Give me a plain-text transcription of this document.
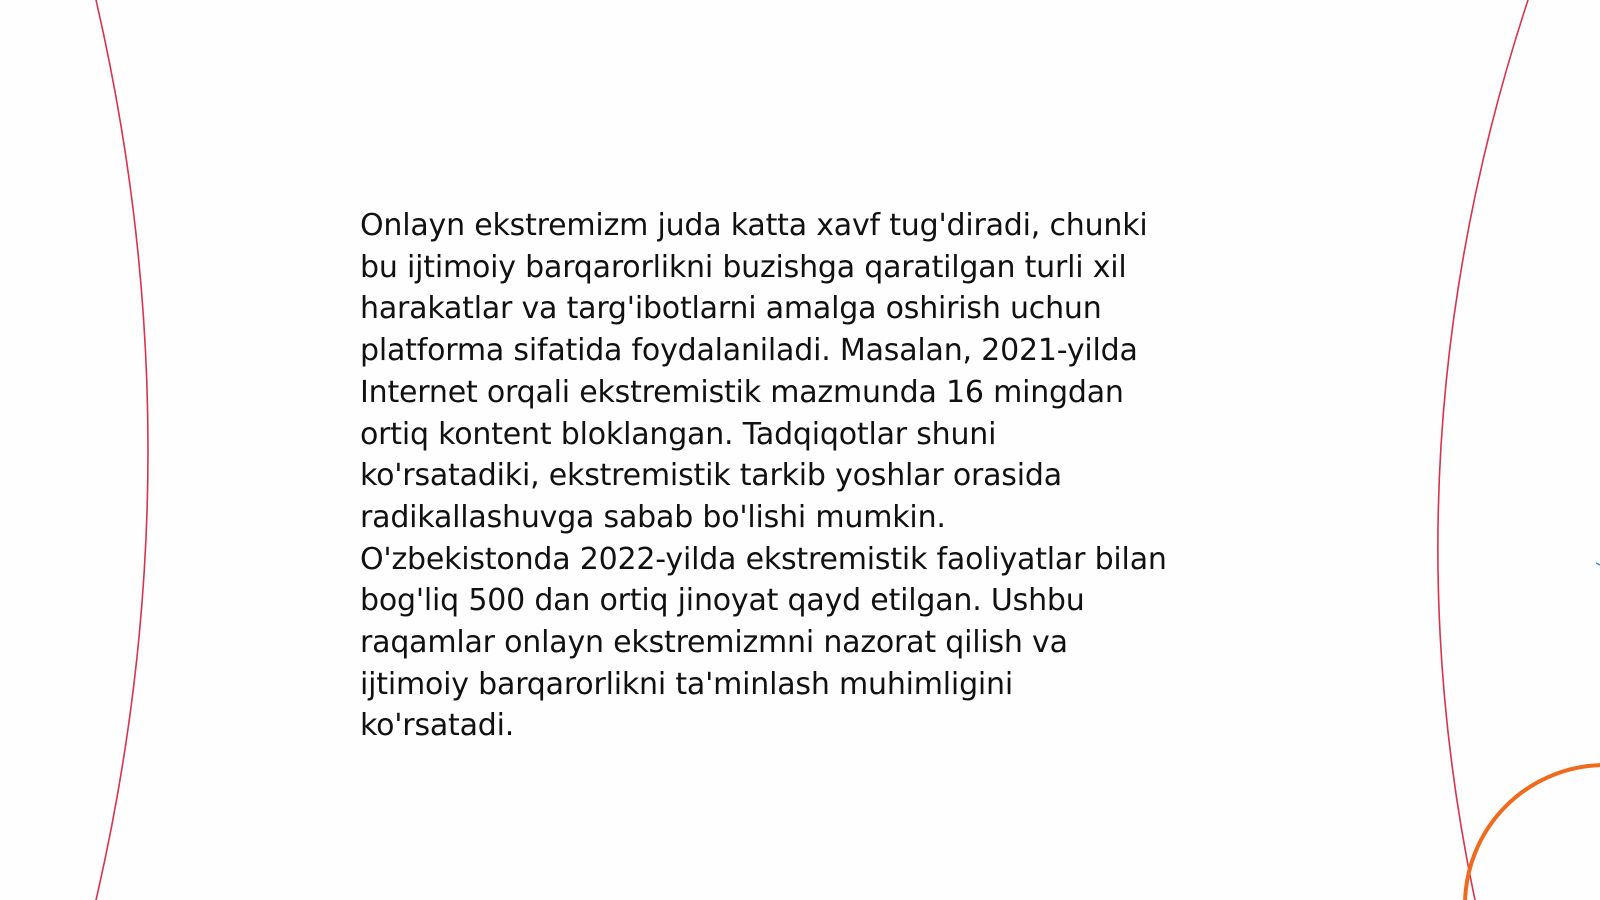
Onlayn ekstremizm juda katta xavf tug'diradi, chunki
bu ijtimoiy barqarorlikni buzishga qaratilgan turli xil
harakatlar va targ'ibotlarni amalga oshirish uchun
platforma sifatida foydalaniladi. Masalan, 2021-yilda
Internet orqali ekstremistik mazmunda 16 mingdan
ortiq kontent bloklangan. Tadqiqotlar shuni
ko'rsatadiki, ekstremistik tarkib yoshlar orasida
radikallashuvga sabab bo'lishi mumkin.
O'zbekistonda 2022-yilda ekstremistik faoliyatlar bilan
bog'liq 500 dan ortiq jinoyat qayd etilgan. Ushbu
raqamlar onlayn ekstremizmni nazorat qilish va
ijtimoiy barqarorlikni ta'minlash muhimligini
ko'rsatadi.
